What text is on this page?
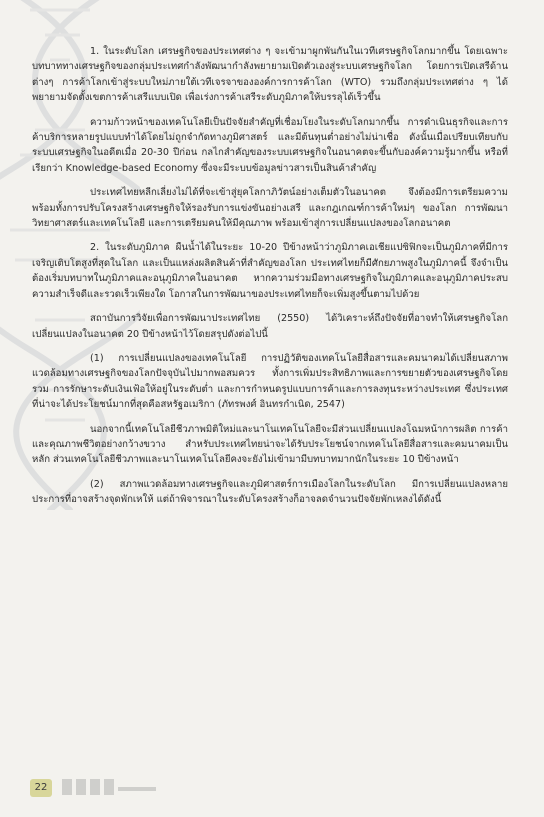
1. ในระดับโลก เศรษฐกิจของประเทศต่าง ๆ จะเข้ามาผูกพันกันในเวทีเศรษฐกิจโลกมากขึ้น โดยเฉพาะบทบาททางเศรษฐกิจของกลุ่มประเทศกำลังพัฒนากำลังพยายามเปิดตัวเองสู่ระบบเศรษฐกิจโลก โดยการเปิดเสรีด้านต่างๆ การค้าโลกเข้าสู่ระบบใหม่ภายใต้เวทีเจรจาขององค์การการค้าโลก (WTO) รวมถึงกลุ่มประเทศต่าง ๆ ได้พยายามจัดตั้งเขตการค้าเสรีแบบเปิด เพื่อเร่งการค้าเสรีระดับภูมิภาคให้บรรลุได้เร็วขึ้น

ความก้าวหน้าของเทคโนโลยีเป็นปัจจัยสำคัญที่เชื่อมโยงในระดับโลกมากขึ้น การดำเนินธุรกิจและการค้าบริการหลายรูปแบบทำได้โดยไม่ถูกจำกัดทางภูมิศาสตร์ และมีต้นทุนต่ำอย่างไม่น่าเชื่อ ดังนั้นเมื่อเปรียบเทียบกับระบบเศรษฐกิจในอดีตเมื่อ 20-30 ปีก่อน กลไกสำคัญของระบบเศรษฐกิจในอนาคตจะขึ้นกับองค์ความรู้มากขึ้น หรือที่เรียกว่า Knowledge-based Economy ซึ่งจะมีระบบข้อมูลข่าวสารเป็นสินค้าสำคัญ

ประเทศไทยหลีกเลี่ยงไม่ได้ที่จะเข้าสู่ยุคโลกาภิวัตน์อย่างเต็มตัวในอนาคต จึงต้องมีการเตรียมความพร้อมทั้งการปรับโครงสร้างเศรษฐกิจให้รองรับการแข่งขันอย่างเสรี และกฎเกณฑ์การค้าใหม่ๆ ของโลก การพัฒนาวิทยาศาสตร์และเทคโนโลยี และการเตรียมคนให้มีคุณภาพ พร้อมเข้าสู่การเปลี่ยนแปลงของโลกอนาคต

2. ในระดับภูมิภาค ผืนน้ำได้ในระยะ 10-20 ปีข้างหน้าว่าภูมิภาคเอเชียแปซิฟิกจะเป็นภูมิภาคที่มีการเจริญเติบโตสูงที่สุดในโลก และเป็นแหล่งผลิตสินค้าที่สำคัญของโลก ประเทศไทยก็มีศักยภาพสูงในภูมิภาคนี้ จึงจำเป็นต้องเริ่มบทบาทในภูมิภาคและอนุภูมิภาคในอนาคต หากความร่วมมือทางเศรษฐกิจในภูมิภาคและอนุภูมิภาคประสบความสำเร็จดีและรวดเร็วเพียงใด โอกาสในการพัฒนาของประเทศไทยก็จะเพิ่มสูงขึ้นตามไปด้วย

สถาบันการวิจัยเพื่อการพัฒนาประเทศไทย (2550) ได้วิเคราะห์ถึงปัจจัยที่อาจทำให้เศรษฐกิจโลกเปลี่ยนแปลงในอนาคต 20 ปีข้างหน้าไว้โดยสรุปดังต่อไปนี้

(1) การเปลี่ยนแปลงของเทคโนโลยี การปฏิวัติของเทคโนโลยีสื่อสารและคมนาคมได้เปลี่ยนสภาพแวดล้อมทางเศรษฐกิจของโลกปัจจุบันไปมากพอสมควร ทั้งการเพิ่มประสิทธิภาพและการขยายตัวของเศรษฐกิจโดยรวม การรักษาระดับเงินเฟ้อให้อยู่ในระดับต่ำ และการกำหนดรูปแบบการค้าและการลงทุนระหว่างประเทศ ซึ่งประเทศที่น่าจะได้ประโยชน์มากที่สุดคือสหรัฐอเมริกา (ภัทรพงศ์ อินทรกำเนิด, 2547)

นอกจากนี้เทคโนโลยีชีวภาพมิติใหม่และนาโนเทคโนโลยีจะมีส่วนเปลี่ยนแปลงโฉมหน้าการผลิต การค้า และคุณภาพชีวิตอย่างกว้างขวาง สำหรับประเทศไทยน่าจะได้รับประโยชน์จากเทคโนโลยีสื่อสารและคมนาคมเป็นหลัก ส่วนเทคโนโลยีชีวภาพและนาโนเทคโนโลยีคงจะยังไม่เข้ามามีบทบาทมากนักในระยะ 10 ปีข้างหน้า

(2) สภาพแวดล้อมทางเศรษฐกิจและภูมิศาสตร์การเมืองโลกในระดับโลก มีการเปลี่ยนแปลงหลายประการที่อาจสร้างจุดพักเหให้ แต่ถ้าพิจารณาในระดับโครงสร้างก็อาจลดจำนวนปัจจัยพักเหลงได้ดังนี้

22
